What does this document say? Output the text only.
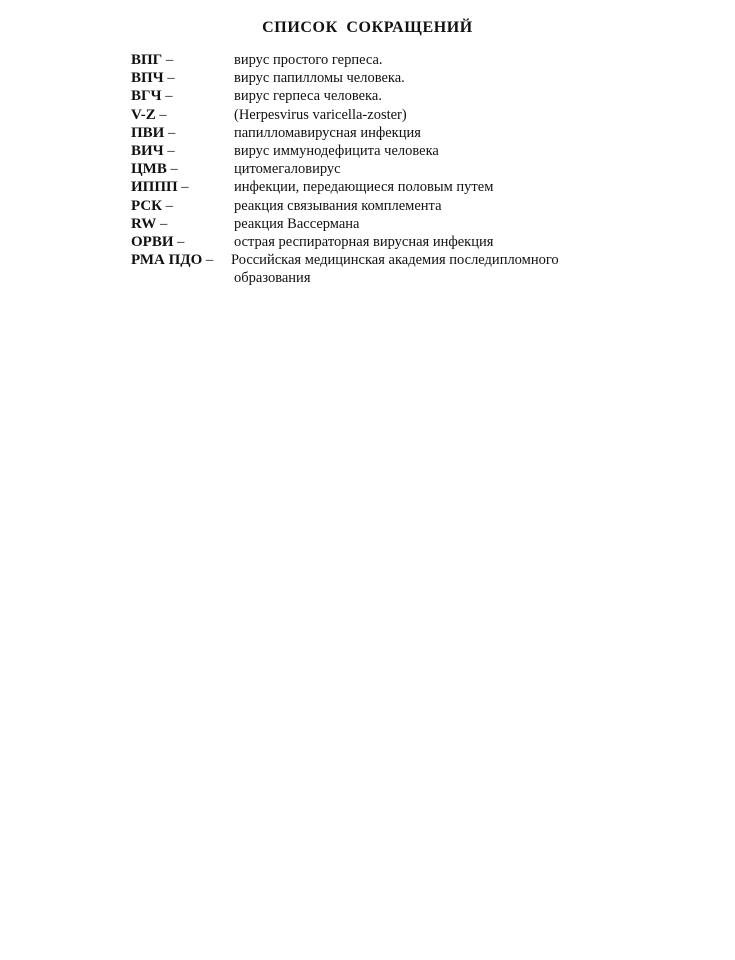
СПИСОК СОКРАЩЕНИЙ
ВПГ –	вирус простого герпеса.
ВПЧ –	вирус папилломы человека.
ВГЧ –	вирус герпеса человека.
V-Z –	(Herpesvirus varicella-zoster)
ПВИ –	папилломавирусная инфекция
ВИЧ –	вирус иммунодефицита человека
ЦМВ –	цитомегаловирус
ИППП –	инфекции, передающиеся половым путем
РСК –	реакция связывания комплемента
RW –	реакция Вассермана
ОРВИ –	острая респираторная вирусная инфекция
РМА ПДО –	Российская медицинская академия последипломного
образования
